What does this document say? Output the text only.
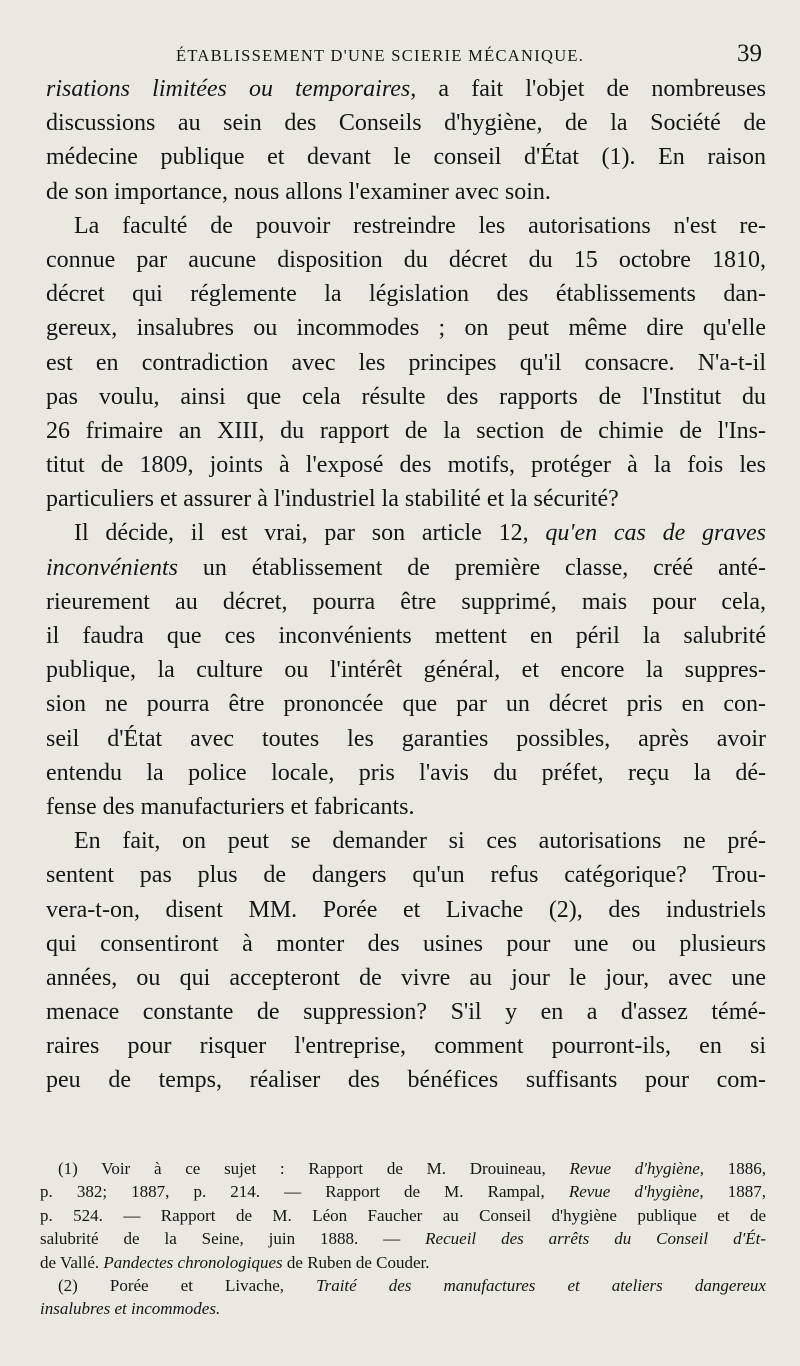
ÉTABLISSEMENT D'UNE SCIERIE MÉCANIQUE.	39
risations limitées ou temporaires, a fait l'objet de nombreuses
discussions au sein des Conseils d'hygiène, de la Société de
médecine publique et devant le conseil d'État (1). En raison
de son importance, nous allons l'examiner avec soin.
La faculté de pouvoir restreindre les autorisations n'est re-
connue par aucune disposition du décret du 15 octobre 1810,
décret qui réglemente la législation des établissements dan-
gereux, insalubres ou incommodes ; on peut même dire qu'elle
est en contradiction avec les principes qu'il consacre. N'a-t-il
pas voulu, ainsi que cela résulte des rapports de l'Institut du
26 frimaire an XIII, du rapport de la section de chimie de l'Ins-
titut de 1809, joints à l'exposé des motifs, protéger à la fois les
particuliers et assurer à l'industriel la stabilité et la sécurité?
Il décide, il est vrai, par son article 12, qu'en cas de graves
inconvénients un établissement de première classe, créé anté-
rieurement au décret, pourra être supprimé, mais pour cela,
il faudra que ces inconvénients mettent en péril la salubrité
publique, la culture ou l'intérêt général, et encore la suppres-
sion ne pourra être prononcée que par un décret pris en con-
seil d'État avec toutes les garanties possibles, après avoir
entendu la police locale, pris l'avis du préfet, reçu la dé-
fense des manufacturiers et fabricants.
En fait, on peut se demander si ces autorisations ne pré-
sentent pas plus de dangers qu'un refus catégorique? Trou-
vera-t-on, disent MM. Porée et Livache (2), des industriels
qui consentiront à monter des usines pour une ou plusieurs
années, ou qui accepteront de vivre au jour le jour, avec une
menace constante de suppression? S'il y en a d'assez témé-
raires pour risquer l'entreprise, comment pourront-ils, en si
peu de temps, réaliser des bénéfices suffisants pour com-
(1) Voir à ce sujet : Rapport de M. Drouineau, Revue d'hygiène, 1886,
p. 382; 1887, p. 214. — Rapport de M. Rampal, Revue d'hygiène, 1887,
p. 524. — Rapport de M. Léon Faucher au Conseil d'hygiène publique et de
salubrité de la Seine, juin 1888. — Recueil des arrêts du Conseil d'Ét-
de Vallé. Pandectes chronologiques de Ruben de Couder.
(2) Porée et Livache, Traité des manufactures et ateliers dangereux
insalubres et incommodes.
